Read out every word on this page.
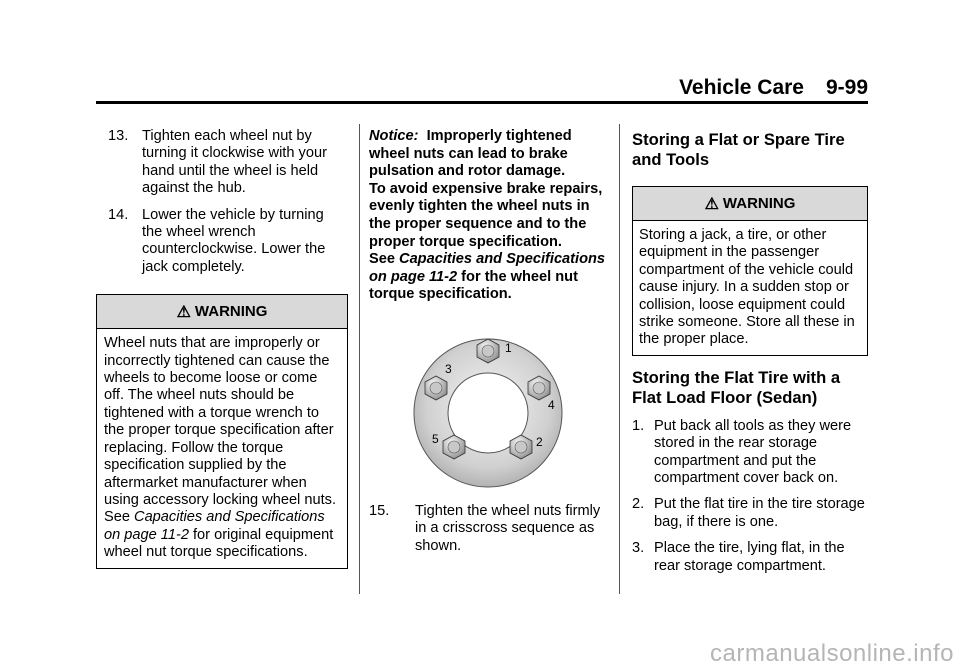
Vehicle Care 9-99
13. Tighten each wheel nut by turning it clockwise with your hand until the wheel is held against the hub.
14. Lower the vehicle by turning the wheel wrench counterclockwise. Lower the jack completely.
⚠ WARNING
Wheel nuts that are improperly or incorrectly tightened can cause the wheels to become loose or come off. The wheel nuts should be tightened with a torque wrench to the proper torque specification after replacing. Follow the torque specification supplied by the aftermarket manufacturer when using accessory locking wheel nuts. See Capacities and Specifications on page 11‑2 for original equipment wheel nut torque specifications.
Notice: Improperly tightened wheel nuts can lead to brake pulsation and rotor damage.
To avoid expensive brake repairs, evenly tighten the wheel nuts in the proper sequence and to the proper torque specification.
See Capacities and Specifications on page 11‑2 for the wheel nut torque specification.
1
2
3
4
5
15. Tighten the wheel nuts firmly in a crisscross sequence as shown.
Storing a Flat or Spare Tire and Tools
⚠ WARNING
Storing a jack, a tire, or other equipment in the passenger compartment of the vehicle could cause injury. In a sudden stop or collision, loose equipment could strike someone. Store all these in the proper place.
Storing the Flat Tire with a Flat Load Floor (Sedan)
1. Put back all tools as they were stored in the rear storage compartment and put the compartment cover back on.
2. Put the flat tire in the tire storage bag, if there is one.
3. Place the tire, lying flat, in the rear storage compartment.
carmanualsonline.info
